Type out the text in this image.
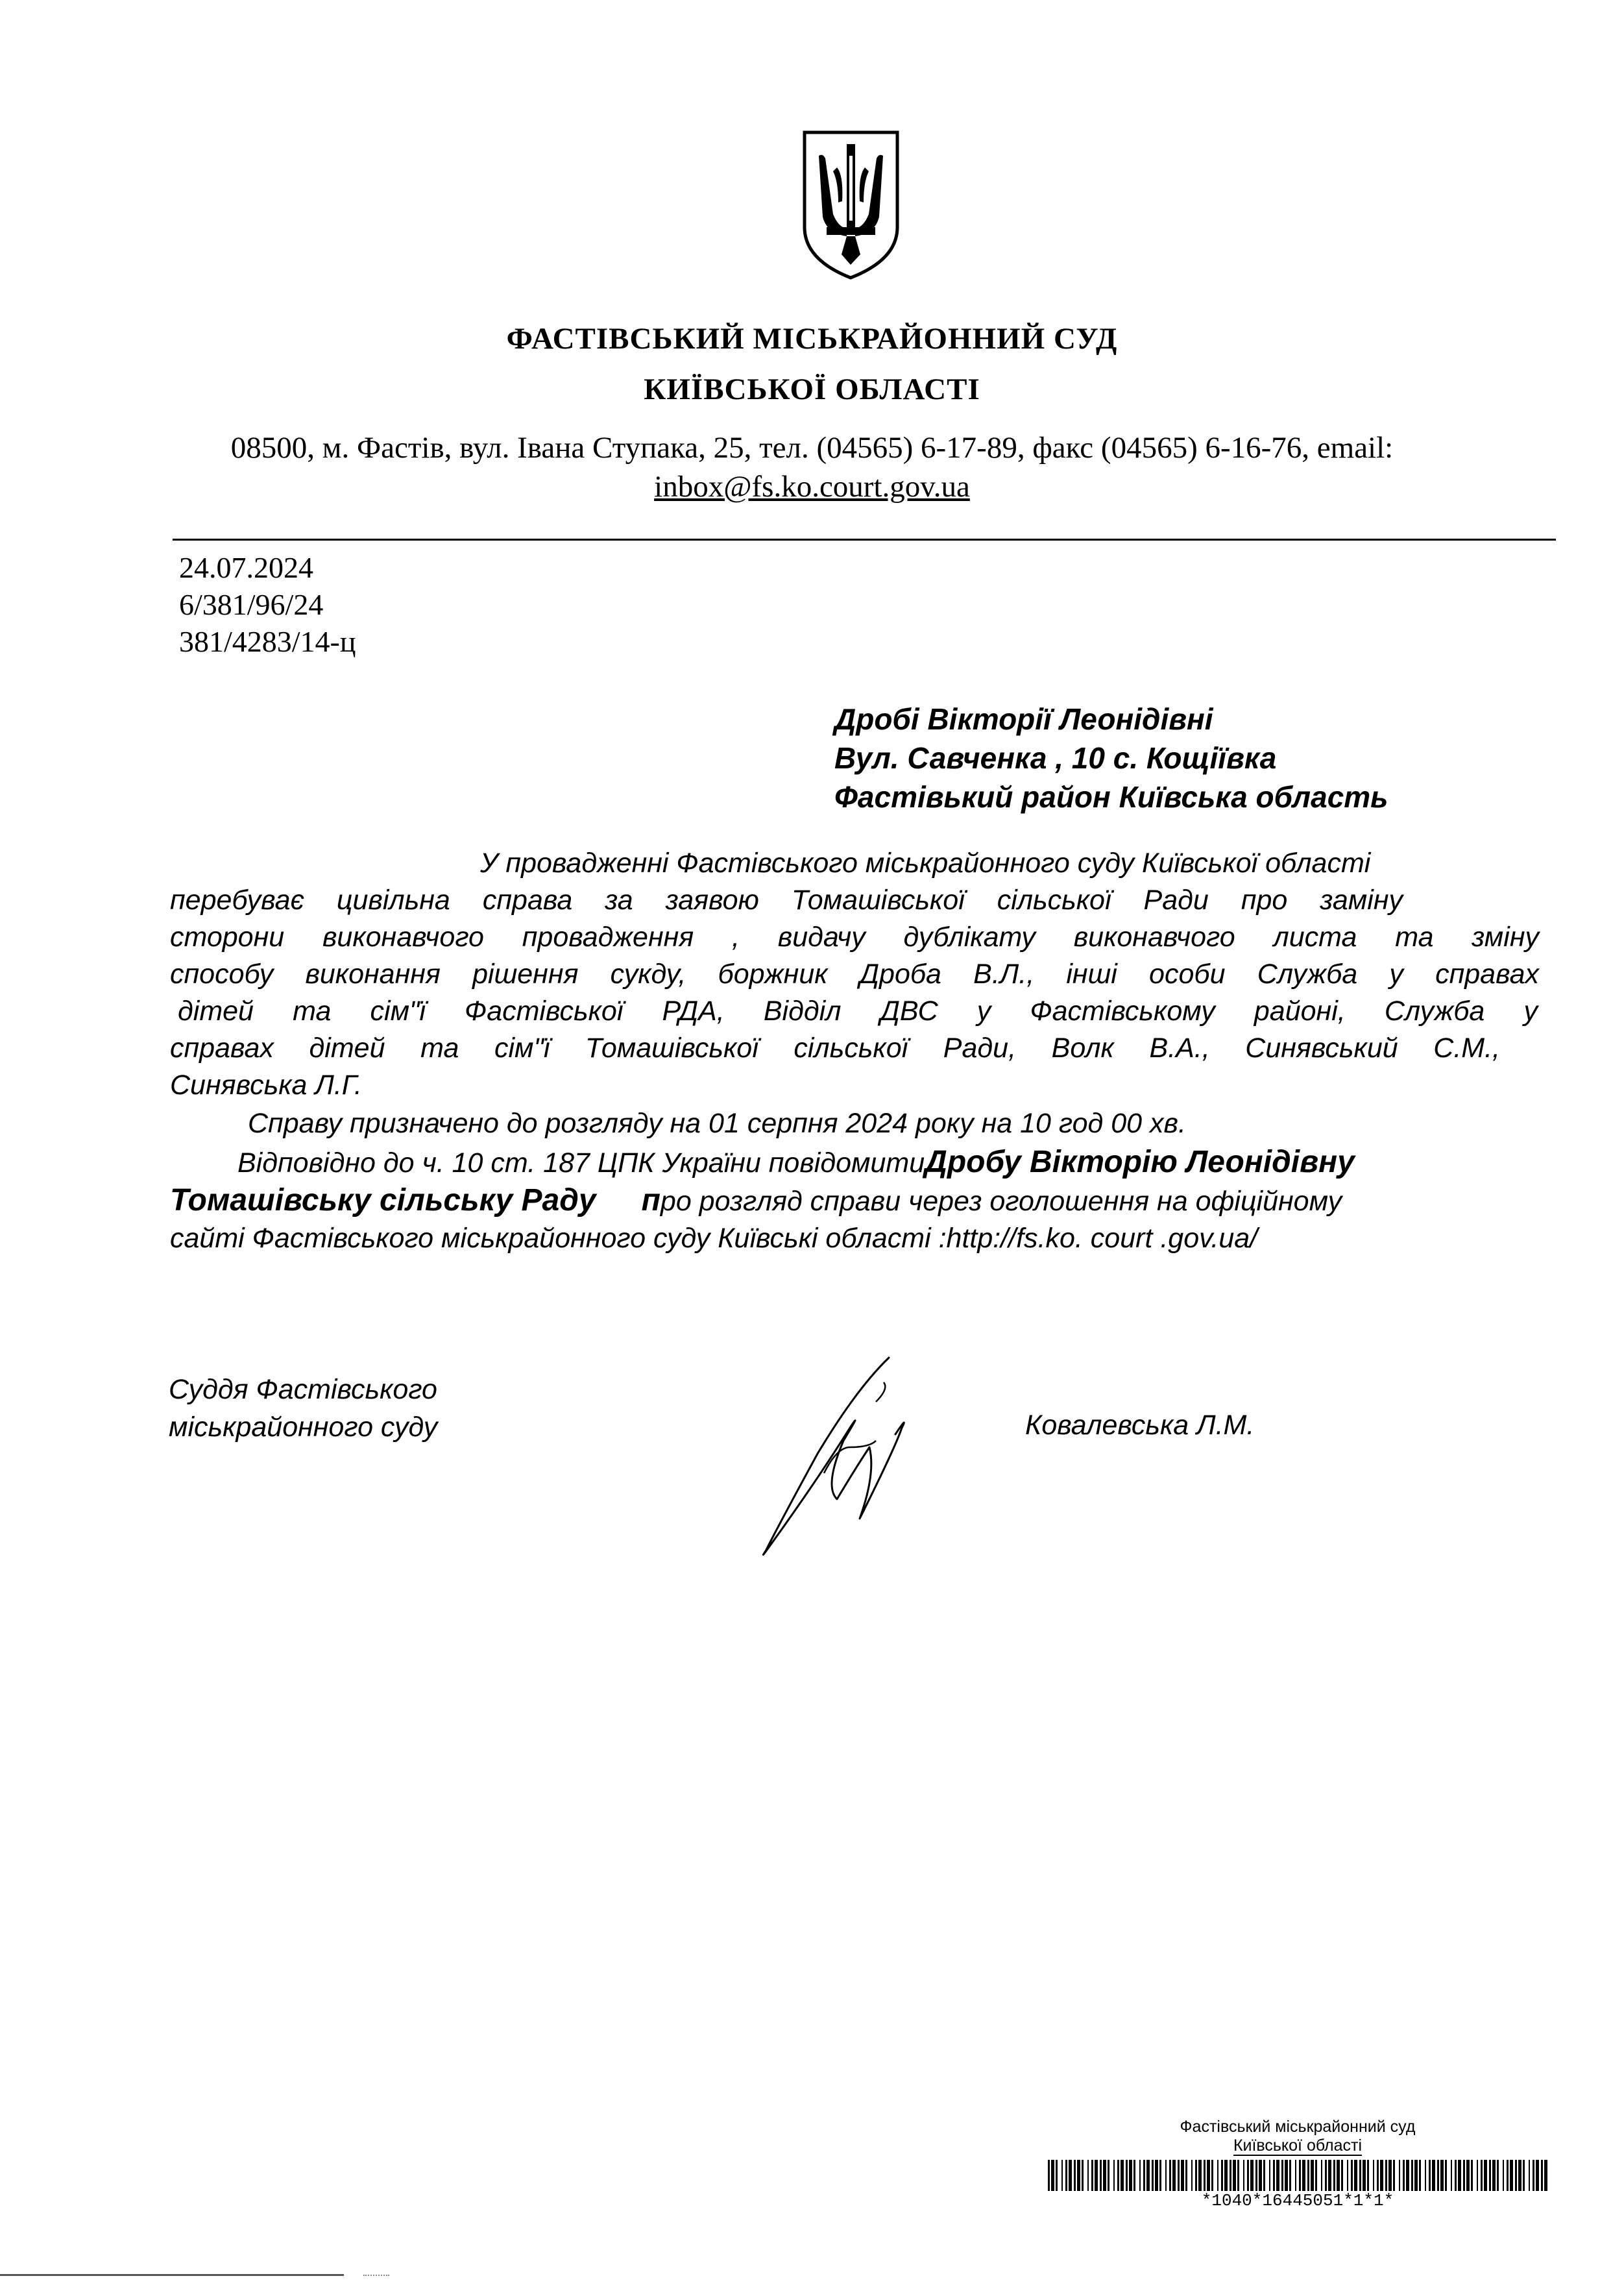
ФАСТІВСЬКИЙ МІСЬКРАЙОННИЙ СУД
КИЇВСЬКОЇ ОБЛАСТІ
08500, м. Фастів, вул. Івана Ступака, 25, тел. (04565) 6-17-89, факс (04565) 6-16-76, email:
inbox@fs.ko.court.gov.ua
24.07.2024
6/381/96/24
381/4283/14-ц
Дробі Вікторії Леонідівні
Вул. Савченка , 10 с. Кощіївка
Фастівький район Київська область
У провадженні Фастівського міськрайонного суду Київської області
перебуває цивільна справа за заявою Томашівської сільської Ради про заміну
сторони виконавчого провадження , видачу дублікату виконавчого листа та зміну
способу виконання рішення сукду, боржник Дроба В.Л., інші особи Служба у справах
дітей та сім"ї Фастівської РДА, Відділ ДВС у Фастівському районі, Служба у
справах дітей та сім"ї Томашівської сільської Ради, Волк В.А., Синявський С.М.,
Синявська Л.Г.
Справу призначено до розгляду на 01 серпня 2024 року на 10 год 00 хв.
Відповідно до ч. 10 ст. 187 ЦПК України повідомитиДробу Вікторію Леонідівну
Томашівську сільську Раду про розгляд справи через оголошення на офіційному
сайті Фастівського міськрайонного суду Київські області :http://fs.ko. court .gov.ua/
Суддя Фастівського
міськрайонного суду	Ковалевська Л.М.
Фастівський міськрайонний суд
Київської області
*1040*16445051*1*1*
